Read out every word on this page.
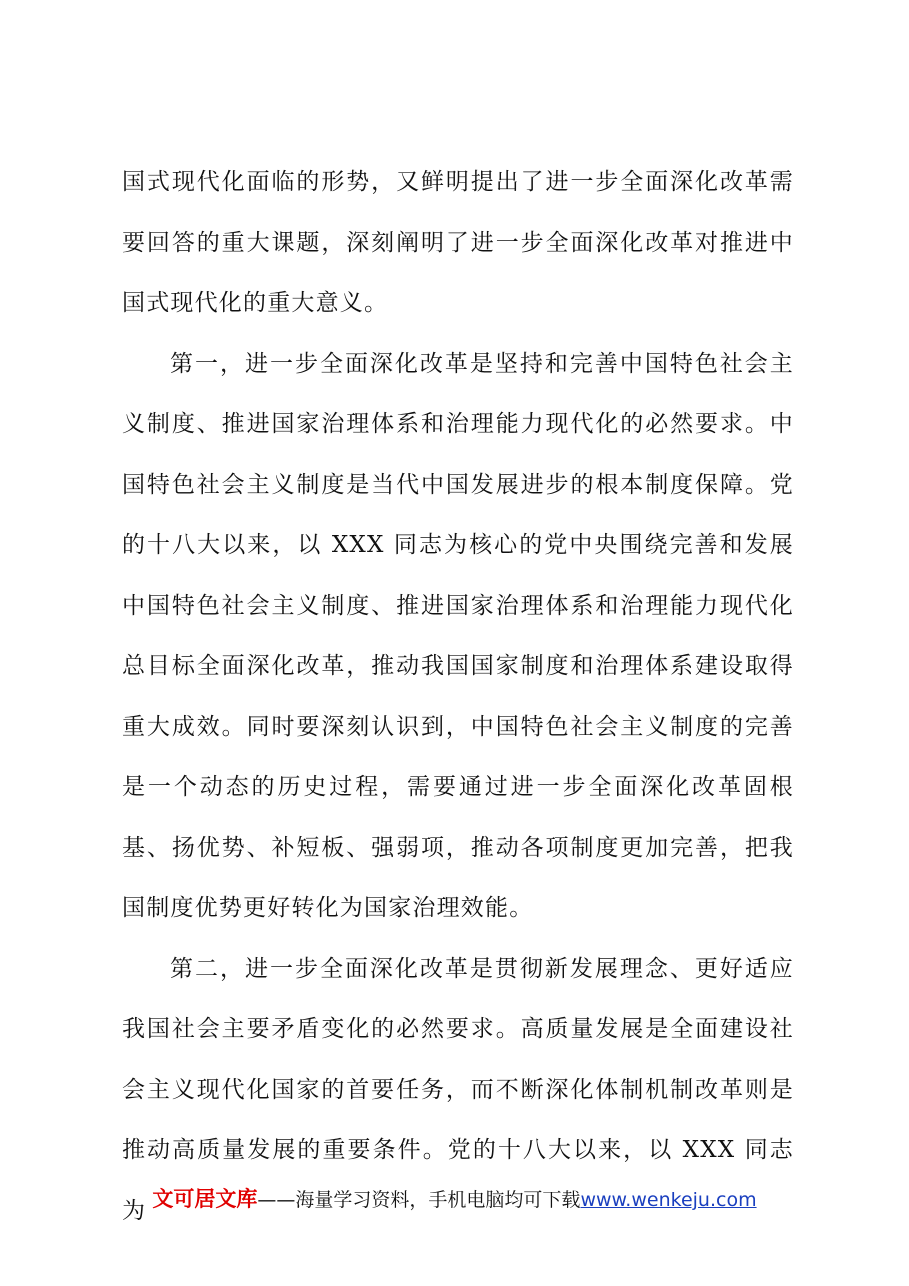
国式现代化面临的形势，又鲜明提出了进一步全面深化改革需要回答的重大课题，深刻阐明了进一步全面深化改革对推进中国式现代化的重大意义。

第一，进一步全面深化改革是坚持和完善中国特色社会主义制度、推进国家治理体系和治理能力现代化的必然要求。中国特色社会主义制度是当代中国发展进步的根本制度保障。党的十八大以来，以 XXX 同志为核心的党中央围绕完善和发展中国特色社会主义制度、推进国家治理体系和治理能力现代化总目标全面深化改革，推动我国国家制度和治理体系建设取得重大成效。同时要深刻认识到，中国特色社会主义制度的完善是一个动态的历史过程，需要通过进一步全面深化改革固根基、扬优势、补短板、强弱项，推动各项制度更加完善，把我国制度优势更好转化为国家治理效能。

第二，进一步全面深化改革是贯彻新发展理念、更好适应我国社会主要矛盾变化的必然要求。高质量发展是全面建设社会主义现代化国家的首要任务，而不断深化体制机制改革则是推动高质量发展的重要条件。党的十八大以来，以 XXX 同志为 文可居文库——海量学习资料，手机电脑均可下载www.wenkeju.com
